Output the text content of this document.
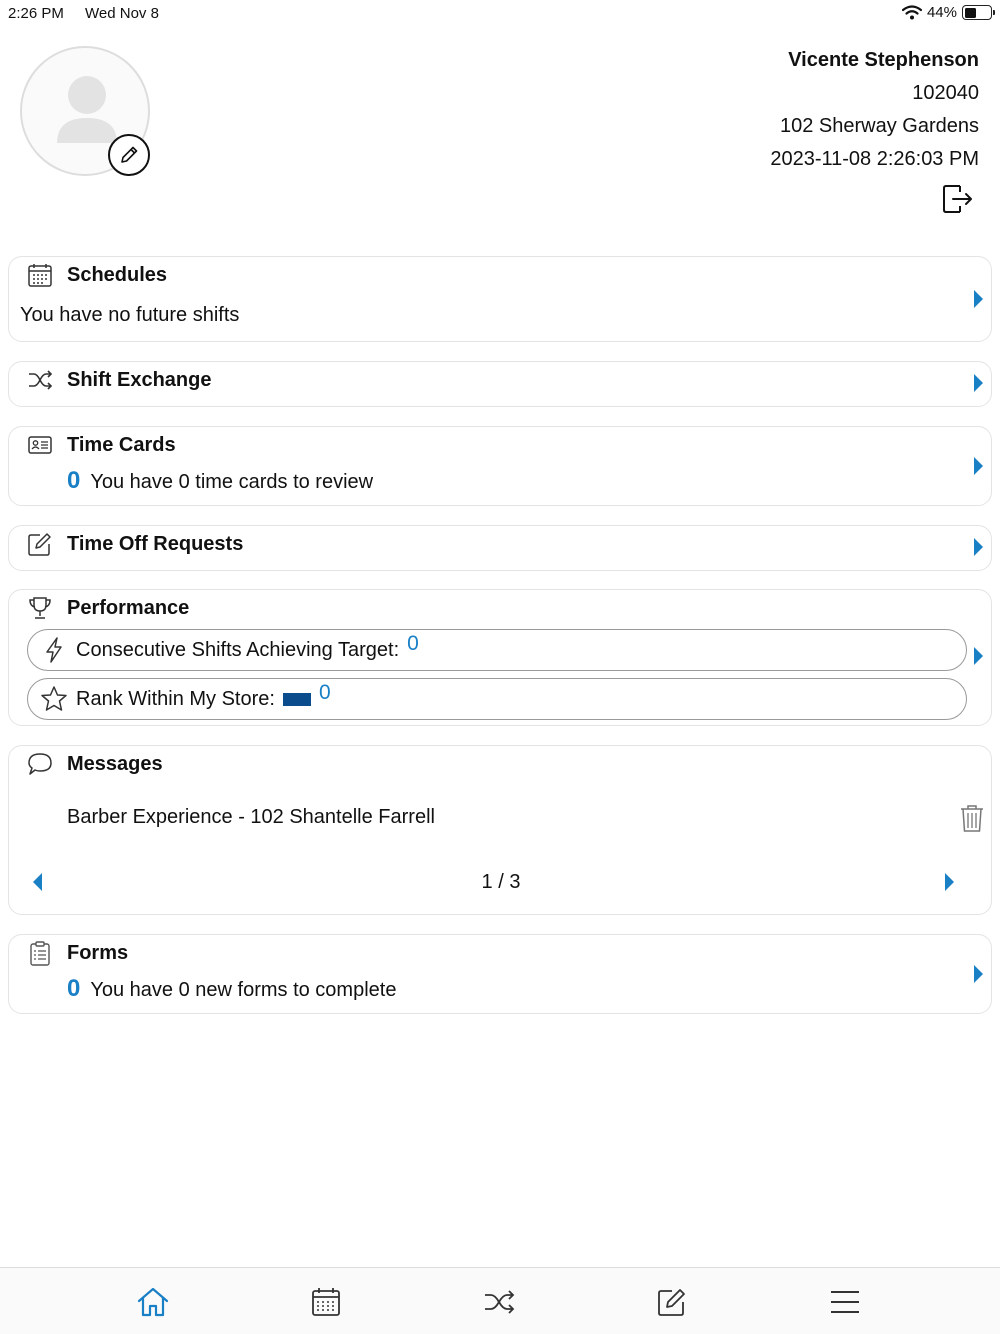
2:26 PM Wed Nov 8	44%
Vicente Stephenson
102040
102 Sherway Gardens
2023-11-08 2:26:03 PM
Schedules
You have no future shifts
Shift Exchange
Time Cards
0 You have 0 time cards to review
Time Off Requests
Performance
Consecutive Shifts Achieving Target: 0
Rank Within My Store: 0
Messages
Barber Experience - 102 Shantelle Farrell
1 / 3
Forms
0 You have 0 new forms to complete
